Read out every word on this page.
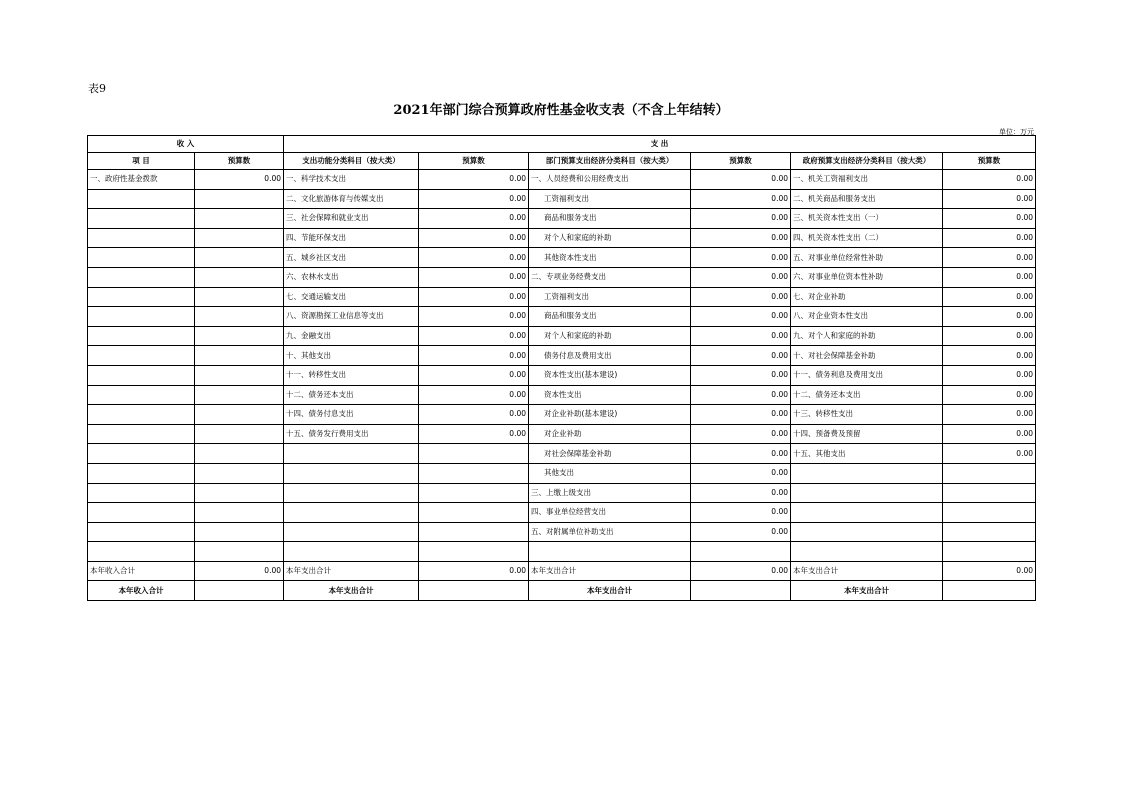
表9
2021年部门综合预算政府性基金收支表（不含上年结转）
单位：万元
收 入		支 出					
项 目	预算数	支出功能分类科目（按大类）	预算数	部门预算支出经济分类科目（按大类）	预算数	政府预算支出经济分类科目（按大类）	预算数
一、政府性基金拨款	0.00	一、科学技术支出	0.00	一、人员经费和公用经费支出	0.00	一、机关工资福利支出	0.00
		二、文化旅游体育与传媒支出	0.00	工资福利支出	0.00	二、机关商品和服务支出	0.00
		三、社会保障和就业支出	0.00	商品和服务支出	0.00	三、机关资本性支出（一）	0.00
		四、节能环保支出	0.00	对个人和家庭的补助	0.00	四、机关资本性支出（二）	0.00
		五、城乡社区支出	0.00	其他资本性支出	0.00	五、对事业单位经常性补助	0.00
		六、农林水支出	0.00	二、专项业务经费支出	0.00	六、对事业单位资本性补助	0.00
		七、交通运输支出	0.00	工资福利支出	0.00	七、对企业补助	0.00
		八、资源勘探工业信息等支出	0.00	商品和服务支出	0.00	八、对企业资本性支出	0.00
		九、金融支出	0.00	对个人和家庭的补助	0.00	九、对个人和家庭的补助	0.00
		十、其他支出	0.00	债务付息及费用支出	0.00	十、对社会保障基金补助	0.00
		十一、转移性支出	0.00	资本性支出(基本建设)	0.00	十一、债务利息及费用支出	0.00
		十二、债务还本支出	0.00	资本性支出	0.00	十二、债务还本支出	0.00
		十四、债务付息支出	0.00	对企业补助(基本建设)	0.00	十三、转移性支出	0.00
		十五、债务发行费用支出	0.00	对企业补助	0.00	十四、预备费及预留	0.00
				对社会保障基金补助	0.00	十五、其他支出	0.00
				其他支出	0.00		
				三、上缴上级支出	0.00		
				四、事业单位经营支出	0.00		
				五、对附属单位补助支出	0.00		

本年收入合计	0.00	本年支出合计	0.00	本年支出合计	0.00	本年支出合计	0.00
本年收入合计		本年支出合计		本年支出合计		本年支出合计	
